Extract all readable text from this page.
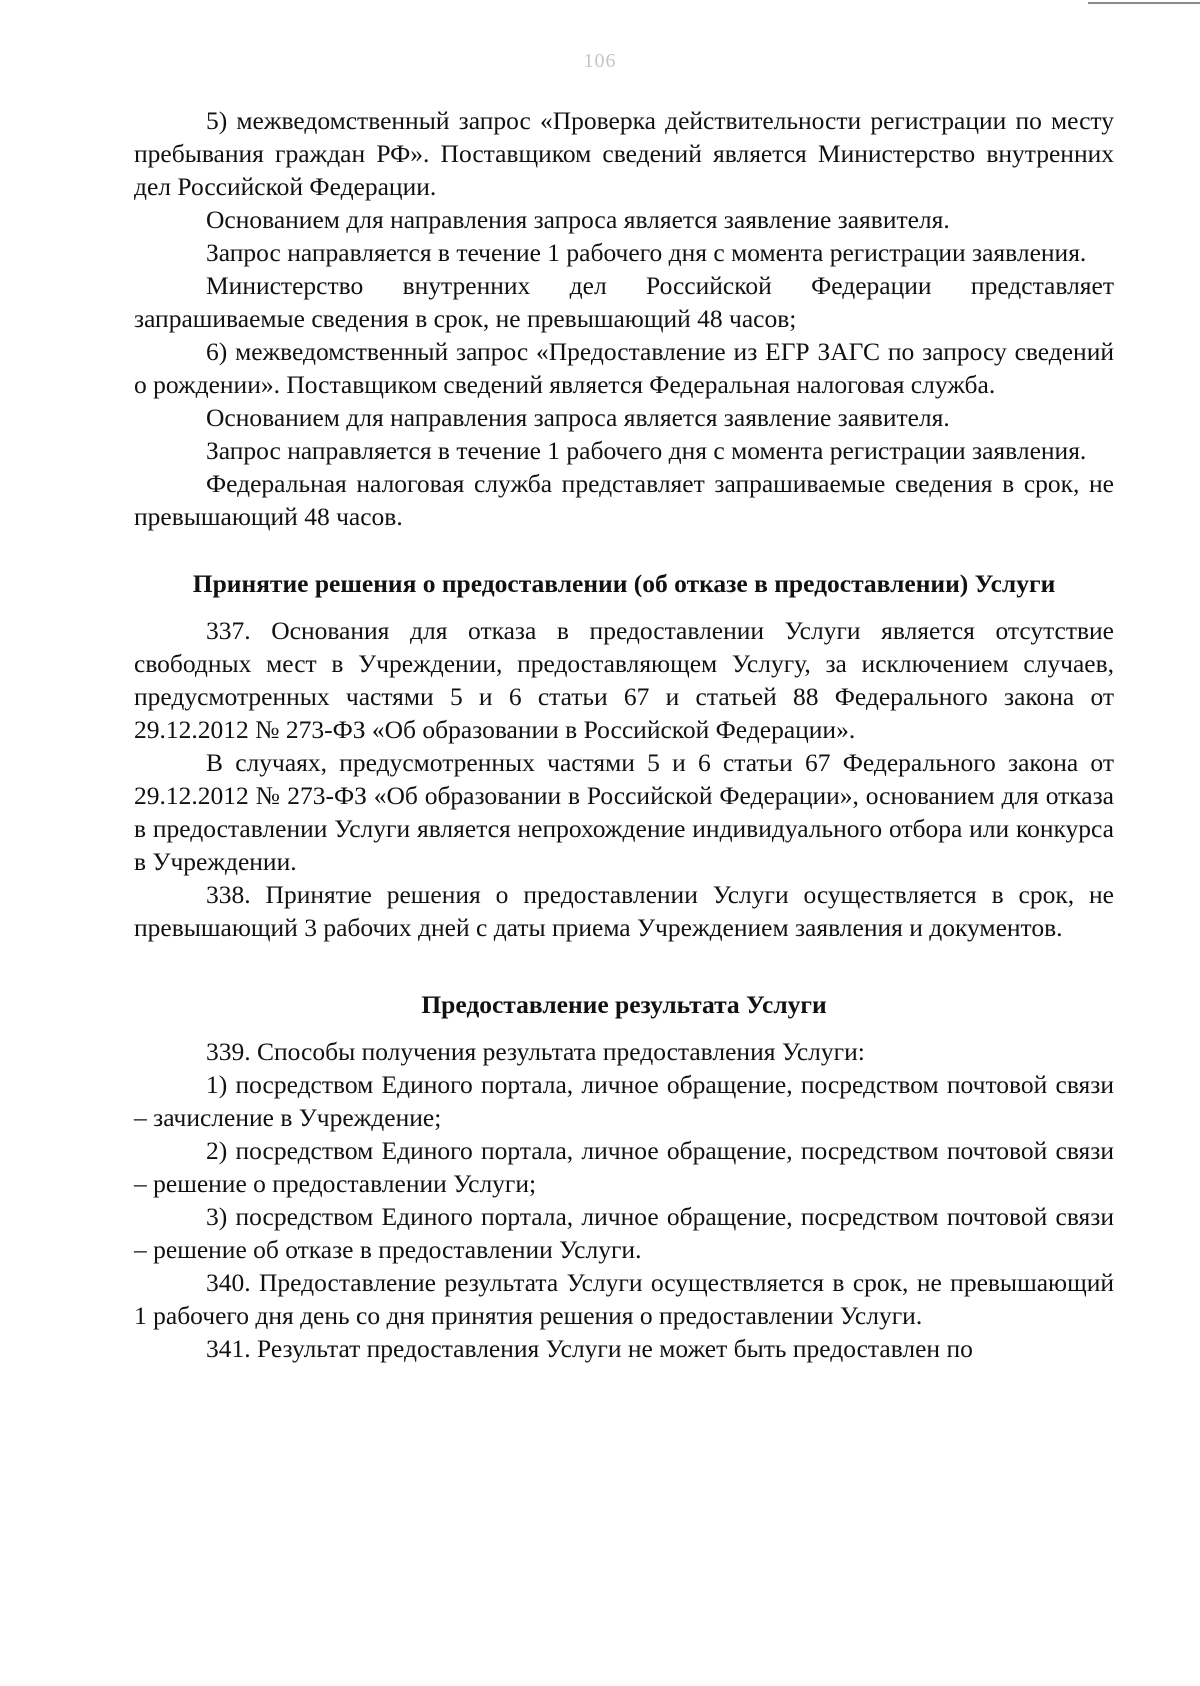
106

5) межведомственный запрос «Проверка действительности регистрации по месту пребывания граждан РФ». Поставщиком сведений является Министерство внутренних дел Российской Федерации.

Основанием для направления запроса является заявление заявителя.

Запрос направляется в течение 1 рабочего дня с момента регистрации заявления.

Министерство внутренних дел Российской Федерации представляет запрашиваемые сведения в срок, не превышающий 48 часов;

6) межведомственный запрос «Предоставление из ЕГР ЗАГС по запросу сведений о рождении». Поставщиком сведений является Федеральная налоговая служба.

Основанием для направления запроса является заявление заявителя.

Запрос направляется в течение 1 рабочего дня с момента регистрации заявления.

Федеральная налоговая служба представляет запрашиваемые сведения в срок, не превышающий 48 часов.

Принятие решения о предоставлении (об отказе в предоставлении) Услуги

337. Основания для отказа в предоставлении Услуги является отсутствие свободных мест в Учреждении, предоставляющем Услугу, за исключением случаев, предусмотренных частями 5 и 6 статьи 67 и статьей 88 Федерального закона от 29.12.2012 № 273-ФЗ «Об образовании в Российской Федерации».

В случаях, предусмотренных частями 5 и 6 статьи 67 Федерального закона от 29.12.2012 № 273-ФЗ «Об образовании в Российской Федерации», основанием для отказа в предоставлении Услуги является непрохождение индивидуального отбора или конкурса в Учреждении.

338. Принятие решения о предоставлении Услуги осуществляется в срок, не превышающий 3 рабочих дней с даты приема Учреждением заявления и документов.

Предоставление результата Услуги

339. Способы получения результата предоставления Услуги:

1) посредством Единого портала, личное обращение, посредством почтовой связи – зачисление в Учреждение;

2) посредством Единого портала, личное обращение, посредством почтовой связи – решение о предоставлении Услуги;

3) посредством Единого портала, личное обращение, посредством почтовой связи – решение об отказе в предоставлении Услуги.

340. Предоставление результата Услуги осуществляется в срок, не превышающий 1 рабочего дня день со дня принятия решения о предоставлении Услуги.

341. Результат предоставления Услуги не может быть предоставлен по
